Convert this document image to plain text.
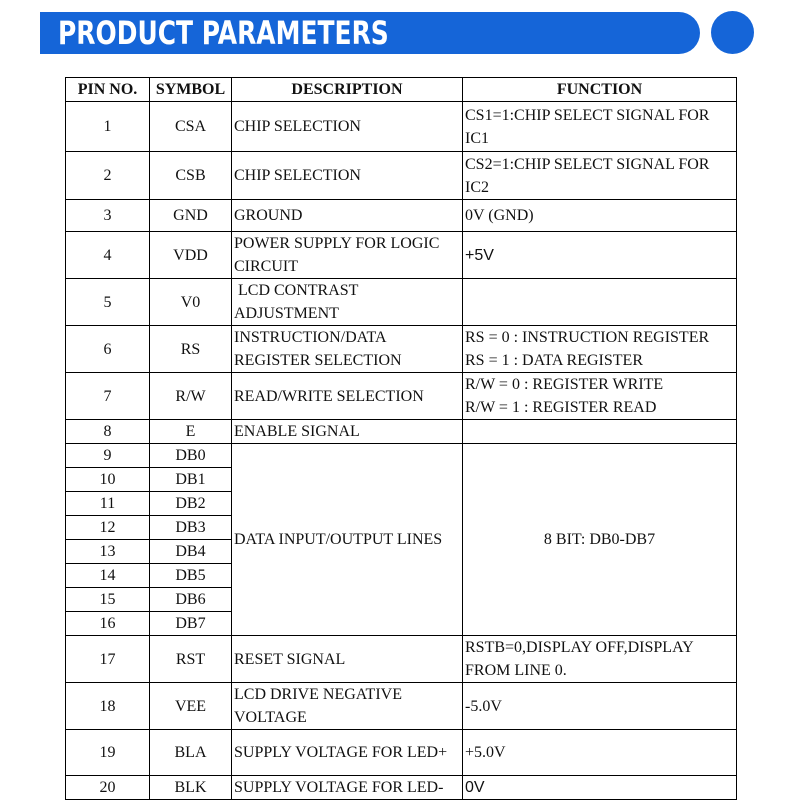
PRODUCT PARAMETERS
PIN NO.	SYMBOL	DESCRIPTION	FUNCTION
1	CSA	CHIP SELECTION	CS1=1:CHIP SELECT SIGNAL FOR IC1
2	CSB	CHIP SELECTION	CS2=1:CHIP SELECT SIGNAL FOR IC2
3	GND	GROUND	0V (GND)
4	VDD	POWER SUPPLY FOR LOGIC CIRCUIT	+5V
5	V0	LCD CONTRAST ADJUSTMENT	
6	RS	INSTRUCTION/DATA REGISTER SELECTION	RS = 0 : INSTRUCTION REGISTER
RS = 1 : DATA REGISTER

7	R/W	READ/WRITE SELECTION	R/W = 0 : REGISTER WRITE
R/W = 1 : REGISTER READ

8	E	ENABLE SIGNAL	
9	DB0	DATA INPUT/OUTPUT LINES	8 BIT: DB0-DB7
10	DB1		
11	DB2		
12	DB3		
13	DB4		
14	DB5		
15	DB6		
16	DB7		
17	RST	RESET SIGNAL	RSTB=0,DISPLAY OFF,DISPLAY FROM LINE 0.
18	VEE	LCD DRIVE NEGATIVE VOLTAGE	-5.0V
19	BLA	SUPPLY VOLTAGE FOR LED+	+5.0V
20	BLK	SUPPLY VOLTAGE FOR LED-	0V
